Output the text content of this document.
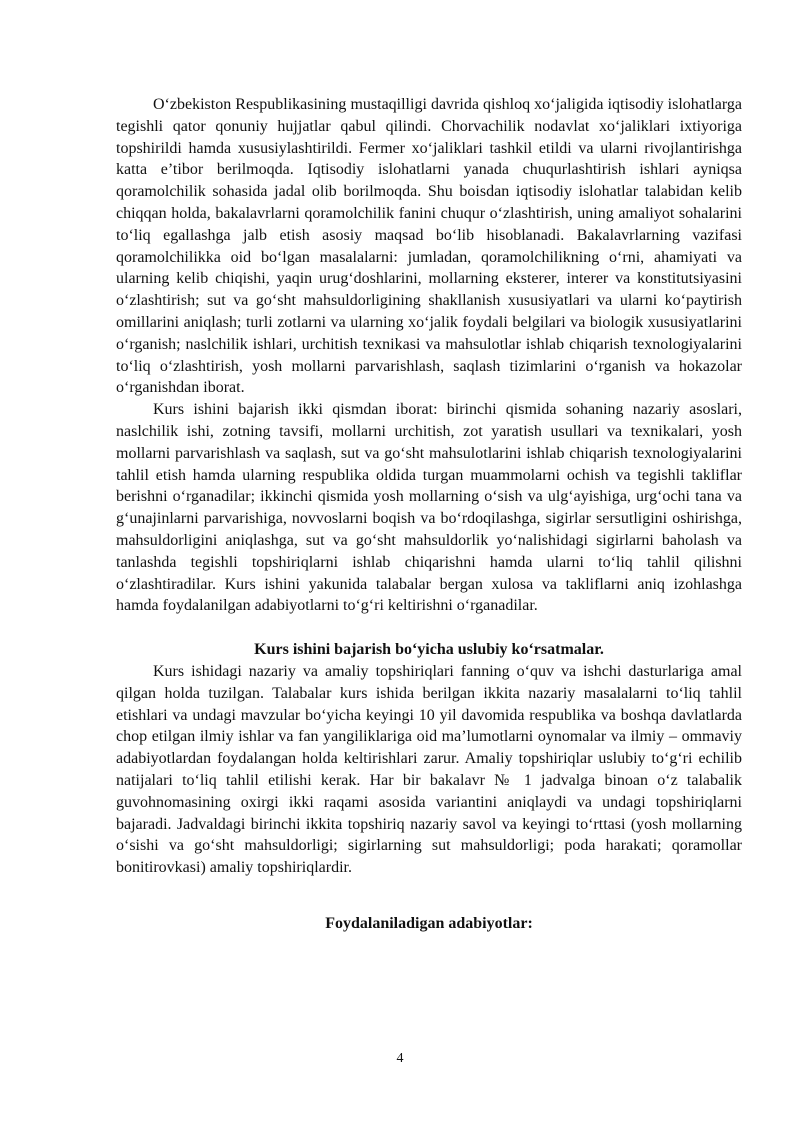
O‘zbekiston Respublikasining mustaqilligi davrida qishloq xo‘jaligida iqtisodiy islohatlarga tegishli qator qonuniy hujjatlar qabul qilindi. Chorvachilik nodavlat xo‘jaliklari ixtiyoriga topshirildi hamda xususiylashtirildi. Fermer xo‘jaliklari tashkil etildi va ularni rivojlantirishga katta e’tibor berilmoqda. Iqtisodiy islohatlarni yanada chuqurlashtirish ishlari ayniqsa qoramolchilik sohasida jadal olib borilmoqda. Shu boisdan iqtisodiy islohatlar talabidan kelib chiqqan holda, bakalavrlarni qoramolchilik fanini chuqur o‘zlashtirish, uning amaliyot sohalarini to‘liq egallashga jalb etish asosiy maqsad bo‘lib hisoblanadi. Bakalavrlarning vazifasi qoramolchilikka oid bo‘lgan masalalarni: jumladan, qoramolchilikning o‘rni, ahamiyati va ularning kelib chiqishi, yaqin urug‘doshlarini, mollarning eksterer, interer va konstitutsiyasini o‘zlashtirish; sut va go‘sht mahsuldorligining shakllanish xususiyatlari va ularni ko‘paytirish omillarini aniqlash; turli zotlarni va ularning xo‘jalik foydali belgilari va biologik xususiyatlarini o‘rganish; naslchilik ishlari, urchitish texnikasi va mahsulotlar ishlab chiqarish texnologiyalarini to‘liq o‘zlashtirish, yosh mollarni parvarishlash, saqlash tizimlarini o‘rganish va hokazolar o‘rganishdan iborat.

Kurs ishini bajarish ikki qismdan iborat: birinchi qismida sohaning nazariy asoslari, naslchilik ishi, zotning tavsifi, mollarni urchitish, zot yaratish usullari va texnikalari, yosh mollarni parvarishlash va saqlash, sut va go‘sht mahsulotlarini ishlab chiqarish texnologiyalarini tahlil etish hamda ularning respublika oldida turgan muammolarni ochish va tegishli takliflar berishni o‘rganadilar; ikkinchi qismida yosh mollarning o‘sish va ulg‘ayishiga, urg‘ochi tana va g‘unajinlarni parvarishiga, novvoslarni boqish va bo‘rdoqilashga, sigirlar sersutligini oshirishga, mahsuldorligini aniqlashga, sut va go‘sht mahsuldorlik yo‘nalishidagi sigirlarni baholash va tanlashda tegishli topshiriqlarni ishlab chiqarishni hamda ularni to‘liq tahlil qilishni o‘zlashtiradilar. Kurs ishini yakunida talabalar bergan xulosa va takliflarni aniq izohlashga hamda foydalanilgan adabiyotlarni to‘g‘ri keltirishni o‘rganadilar.

Kurs ishini bajarish bo‘yicha uslubiy ko‘rsatmalar.

Kurs ishidagi nazariy va amaliy topshiriqlari fanning o‘quv va ishchi dasturlariga amal qilgan holda tuzilgan. Talabalar kurs ishida berilgan ikkita nazariy masalalarni to‘liq tahlil etishlari va undagi mavzular bo‘yicha keyingi 10 yil davomida respublika va boshqa davlatlarda chop etilgan ilmiy ishlar va fan yangiliklariga oid ma’lumotlarni oynomalar va ilmiy – ommaviy adabiyotlardan foydalangan holda keltirishlari zarur. Amaliy topshiriqlar uslubiy to‘g‘ri echilib natijalari to‘liq tahlil etilishi kerak. Har bir bakalavr № 1 jadvalga binoan o‘z talabalik guvohnomasining oxirgi ikki raqami asosida variantini aniqlaydi va undagi topshiriqlarni bajaradi. Jadvaldagi birinchi ikkita topshiriq nazariy savol va keyingi to‘rttasi (yosh mollarning o‘sishi va go‘sht mahsuldorligi; sigirlarning sut mahsuldorligi; poda harakati; qoramollar bonitirovkasi) amaliy topshiriqlardir.

Foydalaniladigan adabiyotlar:

4
